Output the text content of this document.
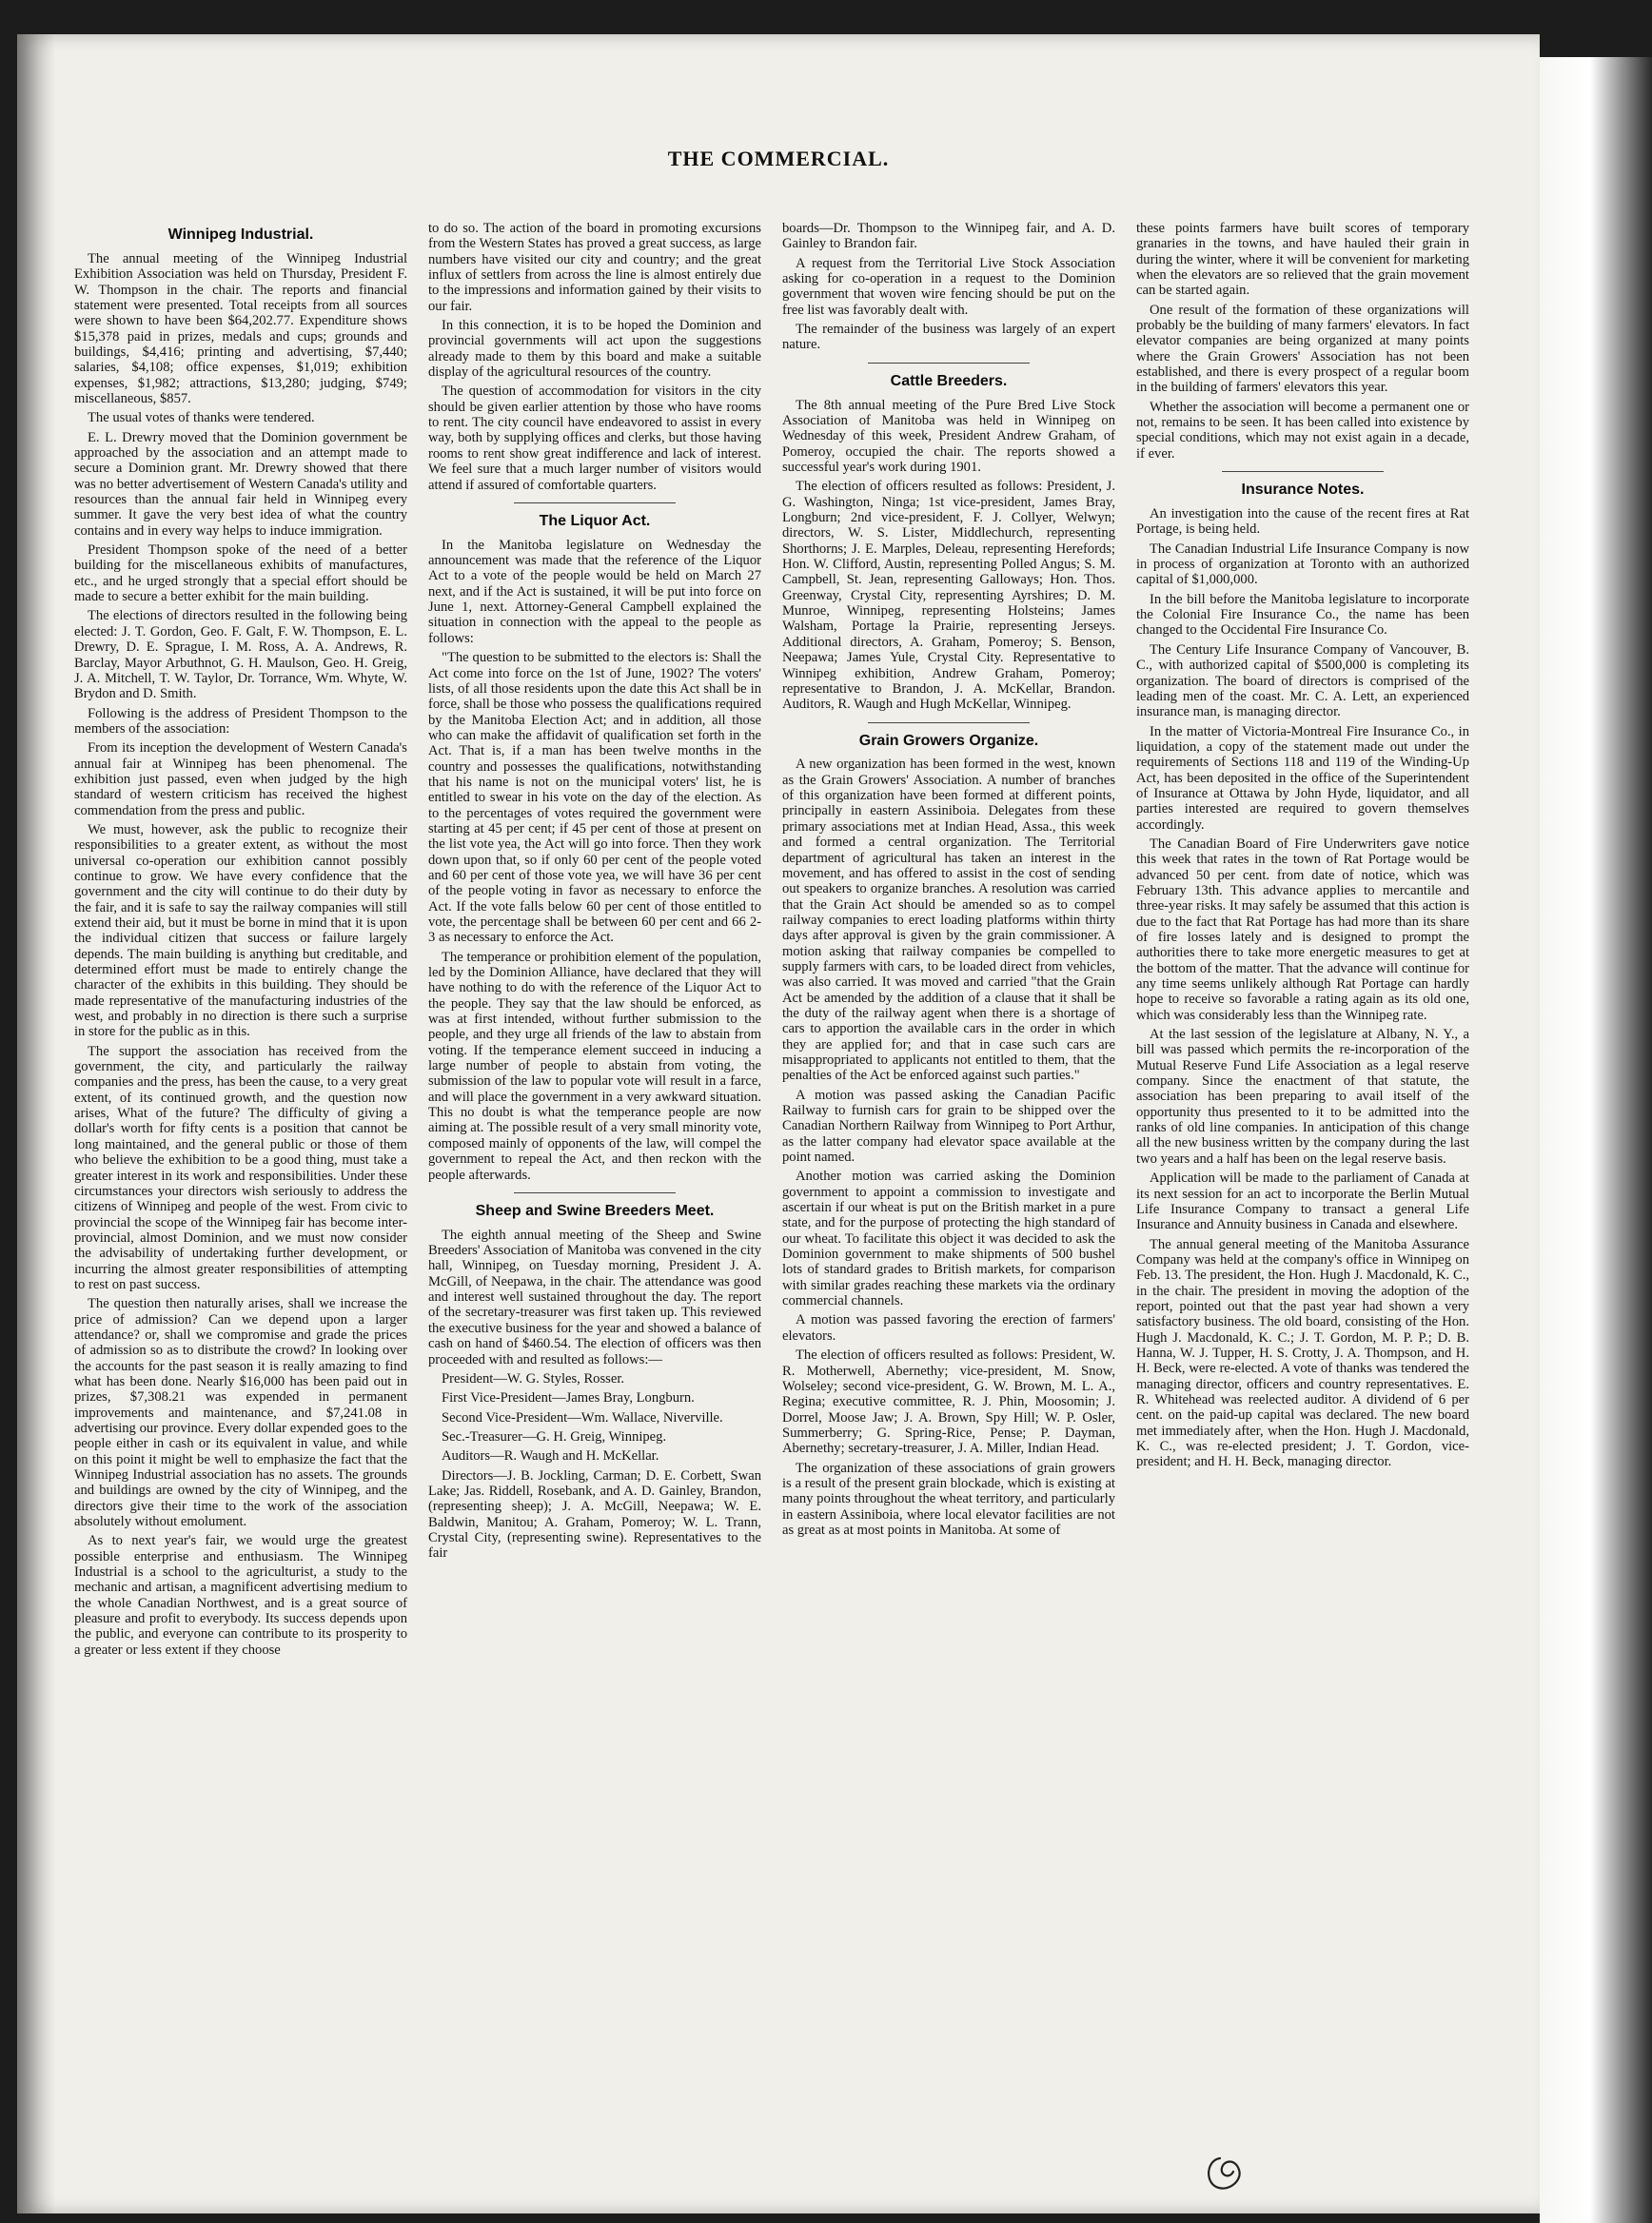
THE COMMERCIAL.
Winnipeg Industrial.

The annual meeting of the Winnipeg Industrial Exhibition Association was held on Thursday, President F. W. Thompson in the chair. The reports and financial statement were presented. Total receipts from all sources were shown to have been $64,202.77. Expenditure shows $15,378 paid in prizes, medals and cups; grounds and buildings, $4,416; printing and advertising, $7,440; salaries, $4,108; office expenses, $1,019; exhibition expenses, $1,982; attractions, $13,280; judging, $749; miscellaneous, $857.

The usual votes of thanks were tendered.

E. L. Drewry moved that the Dominion government be approached by the association and an attempt made to secure a Dominion grant. Mr. Drewry showed that there was no better advertisement of Western Canada's utility and resources than the annual fair held in Winnipeg every summer. It gave the very best idea of what the country contains and in every way helps to induce immigration.

President Thompson spoke of the need of a better building for the miscellaneous exhibits of manufactures, etc., and he urged strongly that a special effort should be made to secure a better exhibit for the main building.

The elections of directors resulted in the following being elected: J. T. Gordon, Geo. F. Galt, F. W. Thompson, E. L. Drewry, D. E. Sprague, I. M. Ross, A. A. Andrews, R. Barclay, Mayor Arbuthnot, G. H. Maulson, Geo. H. Greig, J. A. Mitchell, T. W. Taylor, Dr. Torrance, Wm. Whyte, W. Brydon and D. Smith.

Following is the address of President Thompson to the members of the association:

From its inception the development of Western Canada's annual fair at Winnipeg has been phenomenal. The exhibition just passed, even when judged by the high standard of western criticism has received the highest commendation from the press and public.

We must, however, ask the public to recognize their responsibilities to a greater extent, as without the most universal co-operation our exhibition cannot possibly continue to grow. We have every confidence that the government and the city will continue to do their duty by the fair, and it is safe to say the railway companies will still extend their aid, but it must be borne in mind that it is upon the individual citizen that success or failure largely depends. The main building is anything but creditable, and determined effort must be made to entirely change the character of the exhibits in this building. They should be made representative of the manufacturing industries of the west, and probably in no direction is there such a surprise in store for the public as in this.

The support the association has received from the government, the city, and particularly the railway companies and the press, has been the cause, to a very great extent, of its continued growth, and the question now arises, What of the future? The difficulty of giving a dollar's worth for fifty cents is a position that cannot be long maintained, and the general public or those of them who believe the exhibition to be a good thing, must take a greater interest in its work and responsibilities. Under these circumstances your directors wish seriously to address the citizens of Winnipeg and people of the west. From civic to provincial the scope of the Winnipeg fair has become inter-provincial, almost Dominion, and we must now consider the advisability of undertaking further development, or incurring the almost greater responsibilities of attempting to rest on past success.

The question then naturally arises, shall we increase the price of admission? Can we depend upon a larger attendance? or, shall we compromise and grade the prices of admission so as to distribute the crowd? In looking over the accounts for the past season it is really amazing to find what has been done. Nearly $16,000 has been paid out in prizes, $7,308.21 was expended in permanent improvements and maintenance, and $7,241.08 in advertising our province. Every dollar expended goes to the people either in cash or its equivalent in value, and while on this point it might be well to emphasize the fact that the Winnipeg Industrial association has no assets. The grounds and buildings are owned by the city of Winnipeg, and the directors give their time to the work of the association absolutely without emolument.

As to next year's fair, we would urge the greatest possible enterprise and enthusiasm. The Winnipeg Industrial is a school to the agriculturist, a study to the mechanic and artisan, a magnificent advertising medium to the whole Canadian Northwest, and is a great source of pleasure and profit to everybody. Its success depends upon the public, and everyone can contribute to its prosperity to a greater or less extent if they choose

to do so. The action of the board in promoting excursions from the Western States has proved a great success, as large numbers have visited our city and country; and the great influx of settlers from across the line is almost entirely due to the impressions and information gained by their visits to our fair.

In this connection, it is to be hoped the Dominion and provincial governments will act upon the suggestions already made to them by this board and make a suitable display of the agricultural resources of the country.

The question of accommodation for visitors in the city should be given earlier attention by those who have rooms to rent. The city council have endeavored to assist in every way, both by supplying offices and clerks, but those having rooms to rent show great indifference and lack of interest. We feel sure that a much larger number of visitors would attend if assured of comfortable quarters.

The Liquor Act.

In the Manitoba legislature on Wednesday the announcement was made that the reference of the Liquor Act to a vote of the people would be held on March 27 next, and if the Act is sustained, it will be put into force on June 1, next. Attorney-General Campbell explained the situation in connection with the appeal to the people as follows:

"The question to be submitted to the electors is: Shall the Act come into force on the 1st of June, 1902? The voters' lists, of all those residents upon the date this Act shall be in force, shall be those who possess the qualifications required by the Manitoba Election Act; and in addition, all those who can make the affidavit of qualification set forth in the Act. That is, if a man has been twelve months in the country and possesses the qualifications, notwithstanding that his name is not on the municipal voters' list, he is entitled to swear in his vote on the day of the election. As to the percentages of votes required the government were starting at 45 per cent; if 45 per cent of those at present on the list vote yea, the Act will go into force. Then they work down upon that, so if only 60 per cent of the people voted and 60 per cent of those vote yea, we will have 36 per cent of the people voting in favor as necessary to enforce the Act. If the vote falls below 60 per cent of those entitled to vote, the percentage shall be between 60 per cent and 66 2-3 as necessary to enforce the Act.

The temperance or prohibition element of the population, led by the Dominion Alliance, have declared that they will have nothing to do with the reference of the Liquor Act to the people. They say that the law should be enforced, as was at first intended, without further submission to the people, and they urge all friends of the law to abstain from voting. If the temperance element succeed in inducing a large number of people to abstain from voting, the submission of the law to popular vote will result in a farce, and will place the government in a very awkward situation. This no doubt is what the temperance people are now aiming at. The possible result of a very small minority vote, composed mainly of opponents of the law, will compel the government to repeal the Act, and then reckon with the people afterwards.

Sheep and Swine Breeders Meet.

The eighth annual meeting of the Sheep and Swine Breeders' Association of Manitoba was convened in the city hall, Winnipeg, on Tuesday morning, President J. A. McGill, of Neepawa, in the chair. The attendance was good and interest well sustained throughout the day. The report of the secretary-treasurer was first taken up. This reviewed the executive business for the year and showed a balance of cash on hand of $460.54. The election of officers was then proceeded with and resulted as follows:—

President—W. G. Styles, Rosser.

First Vice-President—James Bray, Longburn.

Second Vice-President—Wm. Wallace, Niverville.

Sec.-Treasurer—G. H. Greig, Winnipeg.

Auditors—R. Waugh and H. McKellar.

Directors—J. B. Jockling, Carman; D. E. Corbett, Swan Lake; Jas. Riddell, Rosebank, and A. D. Gainley, Brandon, (representing sheep); J. A. McGill, Neepawa; W. E. Baldwin, Manitou; A. Graham, Pomeroy; W. L. Trann, Crystal City, (representing swine). Representatives to the fair

boards—Dr. Thompson to the Winnipeg fair, and A. D. Gainley to Brandon fair.

A request from the Territorial Live Stock Association asking for co-operation in a request to the Dominion government that woven wire fencing should be put on the free list was favorably dealt with.

The remainder of the business was largely of an expert nature.

Cattle Breeders.

The 8th annual meeting of the Pure Bred Live Stock Association of Manitoba was held in Winnipeg on Wednesday of this week, President Andrew Graham, of Pomeroy, occupied the chair. The reports showed a successful year's work during 1901.

The election of officers resulted as follows: President, J. G. Washington, Ninga; 1st vice-president, James Bray, Longburn; 2nd vice-president, F. J. Collyer, Welwyn; directors, W. S. Lister, Middlechurch, representing Shorthorns; J. E. Marples, Deleau, representing Herefords; Hon. W. Clifford, Austin, representing Polled Angus; S. M. Campbell, St. Jean, representing Galloways; Hon. Thos. Greenway, Crystal City, representing Ayrshires; D. M. Munroe, Winnipeg, representing Holsteins; James Walsham, Portage la Prairie, representing Jerseys. Additional directors, A. Graham, Pomeroy; S. Benson, Neepawa; James Yule, Crystal City. Representative to Winnipeg exhibition, Andrew Graham, Pomeroy; representative to Brandon, J. A. McKellar, Brandon. Auditors, R. Waugh and Hugh McKellar, Winnipeg.

Grain Growers Organize.

A new organization has been formed in the west, known as the Grain Growers' Association. A number of branches of this organization have been formed at different points, principally in eastern Assiniboia. Delegates from these primary associations met at Indian Head, Assa., this week and formed a central organization. The Territorial department of agricultural has taken an interest in the movement, and has offered to assist in the cost of sending out speakers to organize branches. A resolution was carried that the Grain Act should be amended so as to compel railway companies to erect loading platforms within thirty days after approval is given by the grain commissioner. A motion asking that railway companies be compelled to supply farmers with cars, to be loaded direct from vehicles, was also carried. It was moved and carried "that the Grain Act be amended by the addition of a clause that it shall be the duty of the railway agent when there is a shortage of cars to apportion the available cars in the order in which they are applied for; and that in case such cars are misappropriated to applicants not entitled to them, that the penalties of the Act be enforced against such parties."

A motion was passed asking the Canadian Pacific Railway to furnish cars for grain to be shipped over the Canadian Northern Railway from Winnipeg to Port Arthur, as the latter company had elevator space available at the point named.

Another motion was carried asking the Dominion government to appoint a commission to investigate and ascertain if our wheat is put on the British market in a pure state, and for the purpose of protecting the high standard of our wheat. To facilitate this object it was decided to ask the Dominion government to make shipments of 500 bushel lots of standard grades to British markets, for comparison with similar grades reaching these markets via the ordinary commercial channels.

A motion was passed favoring the erection of farmers' elevators.

The election of officers resulted as follows: President, W. R. Motherwell, Abernethy; vice-president, M. Snow, Wolseley; second vice-president, G. W. Brown, M. L. A., Regina; executive committee, R. J. Phin, Moosomin; J. Dorrel, Moose Jaw; J. A. Brown, Spy Hill; W. P. Osler, Summerberry; G. Spring-Rice, Pense; P. Dayman, Abernethy; secretary-treasurer, J. A. Miller, Indian Head.

The organization of these associations of grain growers is a result of the present grain blockade, which is existing at many points throughout the wheat territory, and particularly in eastern Assiniboia, where local elevator facilities are not as great as at most points in Manitoba. At some of

these points farmers have built scores of temporary granaries in the towns, and have hauled their grain in during the winter, where it will be convenient for marketing when the elevators are so relieved that the grain movement can be started again.

One result of the formation of these organizations will probably be the building of many farmers' elevators. In fact elevator companies are being organized at many points where the Grain Growers' Association has not been established, and there is every prospect of a regular boom in the building of farmers' elevators this year.

Whether the association will become a permanent one or not, remains to be seen. It has been called into existence by special conditions, which may not exist again in a decade, if ever.

Insurance Notes.

An investigation into the cause of the recent fires at Rat Portage, is being held.

The Canadian Industrial Life Insurance Company is now in process of organization at Toronto with an authorized capital of $1,000,000.

In the bill before the Manitoba legislature to incorporate the Colonial Fire Insurance Co., the name has been changed to the Occidental Fire Insurance Co.

The Century Life Insurance Company of Vancouver, B. C., with authorized capital of $500,000 is completing its organization. The board of directors is comprised of the leading men of the coast. Mr. C. A. Lett, an experienced insurance man, is managing director.

In the matter of Victoria-Montreal Fire Insurance Co., in liquidation, a copy of the statement made out under the requirements of Sections 118 and 119 of the Winding-Up Act, has been deposited in the office of the Superintendent of Insurance at Ottawa by John Hyde, liquidator, and all parties interested are required to govern themselves accordingly.

The Canadian Board of Fire Underwriters gave notice this week that rates in the town of Rat Portage would be advanced 50 per cent. from date of notice, which was February 13th. This advance applies to mercantile and three-year risks. It may safely be assumed that this action is due to the fact that Rat Portage has had more than its share of fire losses lately and is designed to prompt the authorities there to take more energetic measures to get at the bottom of the matter. That the advance will continue for any time seems unlikely although Rat Portage can hardly hope to receive so favorable a rating again as its old one, which was considerably less than the Winnipeg rate.

At the last session of the legislature at Albany, N. Y., a bill was passed which permits the re-incorporation of the Mutual Reserve Fund Life Association as a legal reserve company. Since the enactment of that statute, the association has been preparing to avail itself of the opportunity thus presented to it to be admitted into the ranks of old line companies. In anticipation of this change all the new business written by the company during the last two years and a half has been on the legal reserve basis.

Application will be made to the parliament of Canada at its next session for an act to incorporate the Berlin Mutual Life Insurance Company to transact a general Life Insurance and Annuity business in Canada and elsewhere.

The annual general meeting of the Manitoba Assurance Company was held at the company's office in Winnipeg on Feb. 13. The president, the Hon. Hugh J. Macdonald, K. C., in the chair. The president in moving the adoption of the report, pointed out that the past year had shown a very satisfactory business. The old board, consisting of the Hon. Hugh J. Macdonald, K. C.; J. T. Gordon, M. P. P.; D. B. Hanna, W. J. Tupper, H. S. Crotty, J. A. Thompson, and H. H. Beck, were re-elected. A vote of thanks was tendered the managing director, officers and country representatives. E. R. Whitehead was reelected auditor. A dividend of 6 per cent. on the paid-up capital was declared. The new board met immediately after, when the Hon. Hugh J. Macdonald, K. C., was re-elected president; J. T. Gordon, vice-president; and H. H. Beck, managing director.
